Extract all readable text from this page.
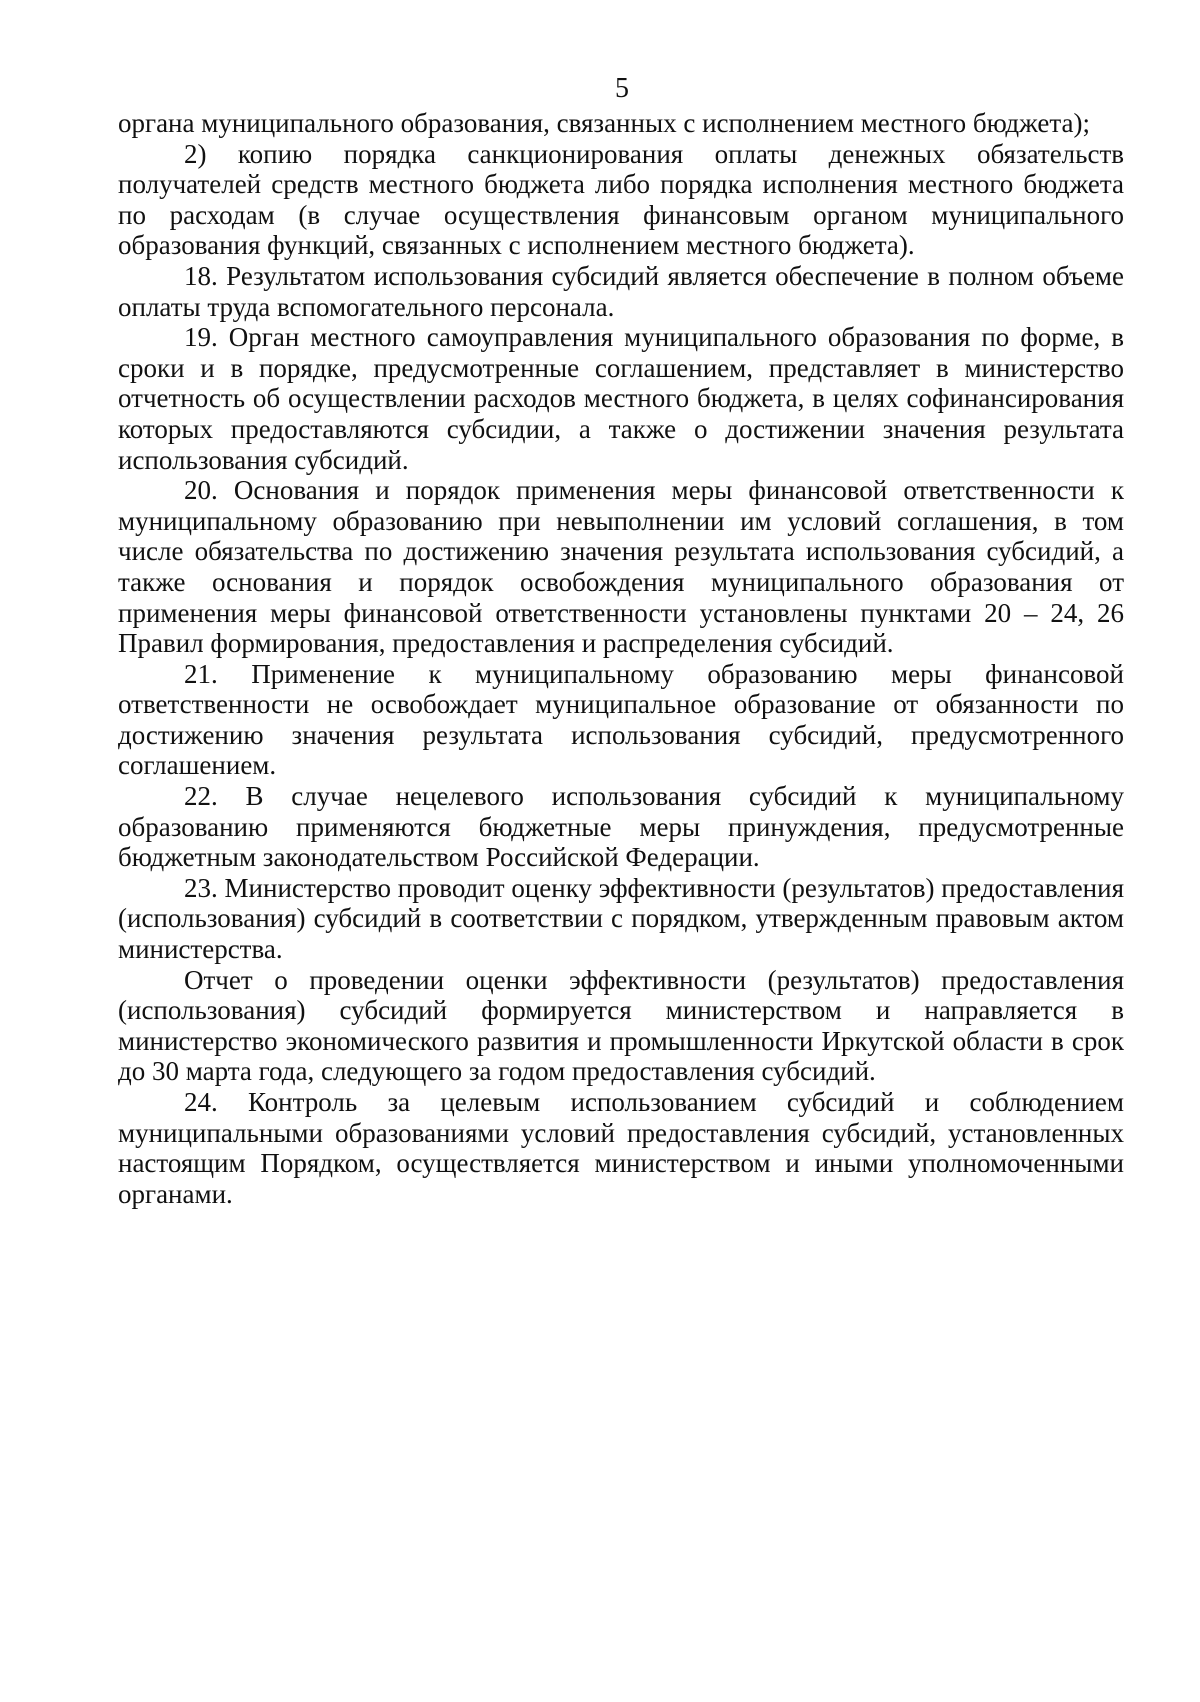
5

органа муниципального образования, связанных с исполнением местного бюджета);

2) копию порядка санкционирования оплаты денежных обязательств получателей средств местного бюджета либо порядка исполнения местного бюджета по расходам (в случае осуществления финансовым органом муниципального образования функций, связанных с исполнением местного бюджета).

18. Результатом использования субсидий является обеспечение в полном объеме оплаты труда вспомогательного персонала.

19. Орган местного самоуправления муниципального образования по форме, в сроки и в порядке, предусмотренные соглашением, представляет в министерство отчетность об осуществлении расходов местного бюджета, в целях софинансирования которых предоставляются субсидии, а также о достижении значения результата использования субсидий.

20. Основания и порядок применения меры финансовой ответственности к муниципальному образованию при невыполнении им условий соглашения, в том числе обязательства по достижению значения результата использования субсидий, а также основания и порядок освобождения муниципального образования от применения меры финансовой ответственности установлены пунктами 20 – 24, 26 Правил формирования, предоставления и распределения субсидий.

21. Применение к муниципальному образованию меры финансовой ответственности не освобождает муниципальное образование от обязанности по достижению значения результата использования субсидий, предусмотренного соглашением.

22. В случае нецелевого использования субсидий к муниципальному образованию применяются бюджетные меры принуждения, предусмотренные бюджетным законодательством Российской Федерации.

23. Министерство проводит оценку эффективности (результатов) предоставления (использования) субсидий в соответствии с порядком, утвержденным правовым актом министерства.

Отчет о проведении оценки эффективности (результатов) предоставления (использования) субсидий формируется министерством и направляется в министерство экономического развития и промышленности Иркутской области в срок до 30 марта года, следующего за годом предоставления субсидий.

24. Контроль за целевым использованием субсидий и соблюдением муниципальными образованиями условий предоставления субсидий, установленных настоящим Порядком, осуществляется министерством и иными уполномоченными органами.
